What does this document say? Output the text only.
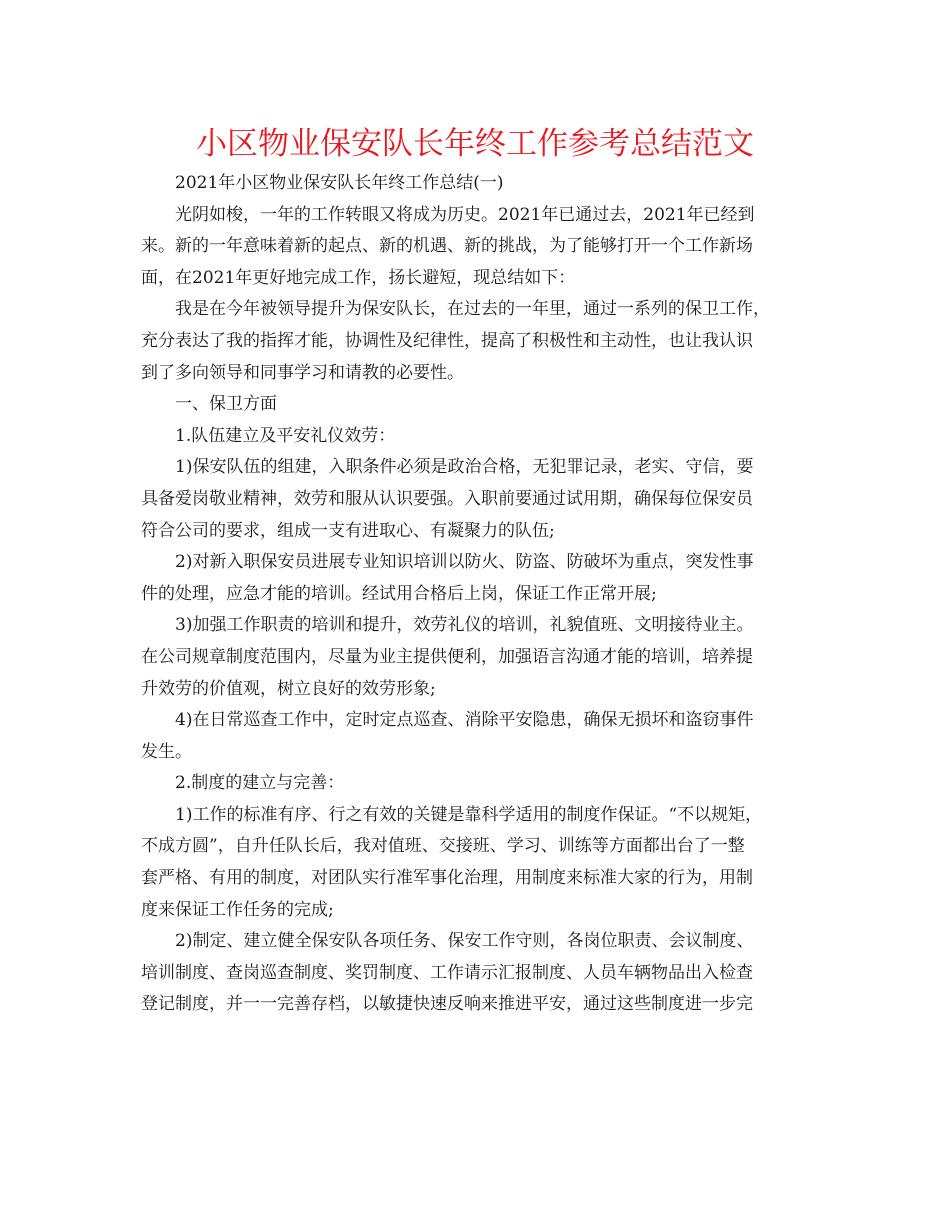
小区物业保安队长年终工作参考总结范文
2021年小区物业保安队长年终工作总结(一)
光阴如梭，一年的工作转眼又将成为历史。2021年已通过去，2021年已经到
来。新的一年意味着新的起点、新的机遇、新的挑战，为了能够打开一个工作新场
面，在2021年更好地完成工作，扬长避短，现总结如下：
我是在今年被领导提升为保安队长，在过去的一年里，通过一系列的保卫工作，
充分表达了我的指挥才能，协调性及纪律性，提高了积极性和主动性，也让我认识
到了多向领导和同事学习和请教的必要性。
一、保卫方面
1.队伍建立及平安礼仪效劳：
1)保安队伍的组建，入职条件必须是政治合格，无犯罪记录，老实、守信，要
具备爱岗敬业精神，效劳和服从认识要强。入职前要通过试用期，确保每位保安员
符合公司的要求，组成一支有进取心、有凝聚力的队伍;
2)对新入职保安员进展专业知识培训以防火、防盗、防破坏为重点，突发性事
件的处理，应急才能的培训。经试用合格后上岗，保证工作正常开展;
3)加强工作职责的培训和提升，效劳礼仪的培训，礼貌值班、文明接待业主。
在公司规章制度范围内，尽量为业主提供便利，加强语言沟通才能的培训，培养提
升效劳的价值观，树立良好的效劳形象;
4)在日常巡查工作中，定时定点巡查、消除平安隐患，确保无损坏和盗窃事件
发生。
2.制度的建立与完善：
1)工作的标准有序、行之有效的关键是靠科学适用的制度作保证。“不以规矩，
不成方圆”，自升任队长后，我对值班、交接班、学习、训练等方面都出台了一整
套严格、有用的制度，对团队实行准军事化治理，用制度来标准大家的行为，用制
度来保证工作任务的完成;
2)制定、建立健全保安队各项任务、保安工作守则，各岗位职责、会议制度、
培训制度、查岗巡查制度、奖罚制度、工作请示汇报制度、人员车辆物品出入检查
登记制度，并一一完善存档，以敏捷快速反响来推进平安，通过这些制度进一步完
